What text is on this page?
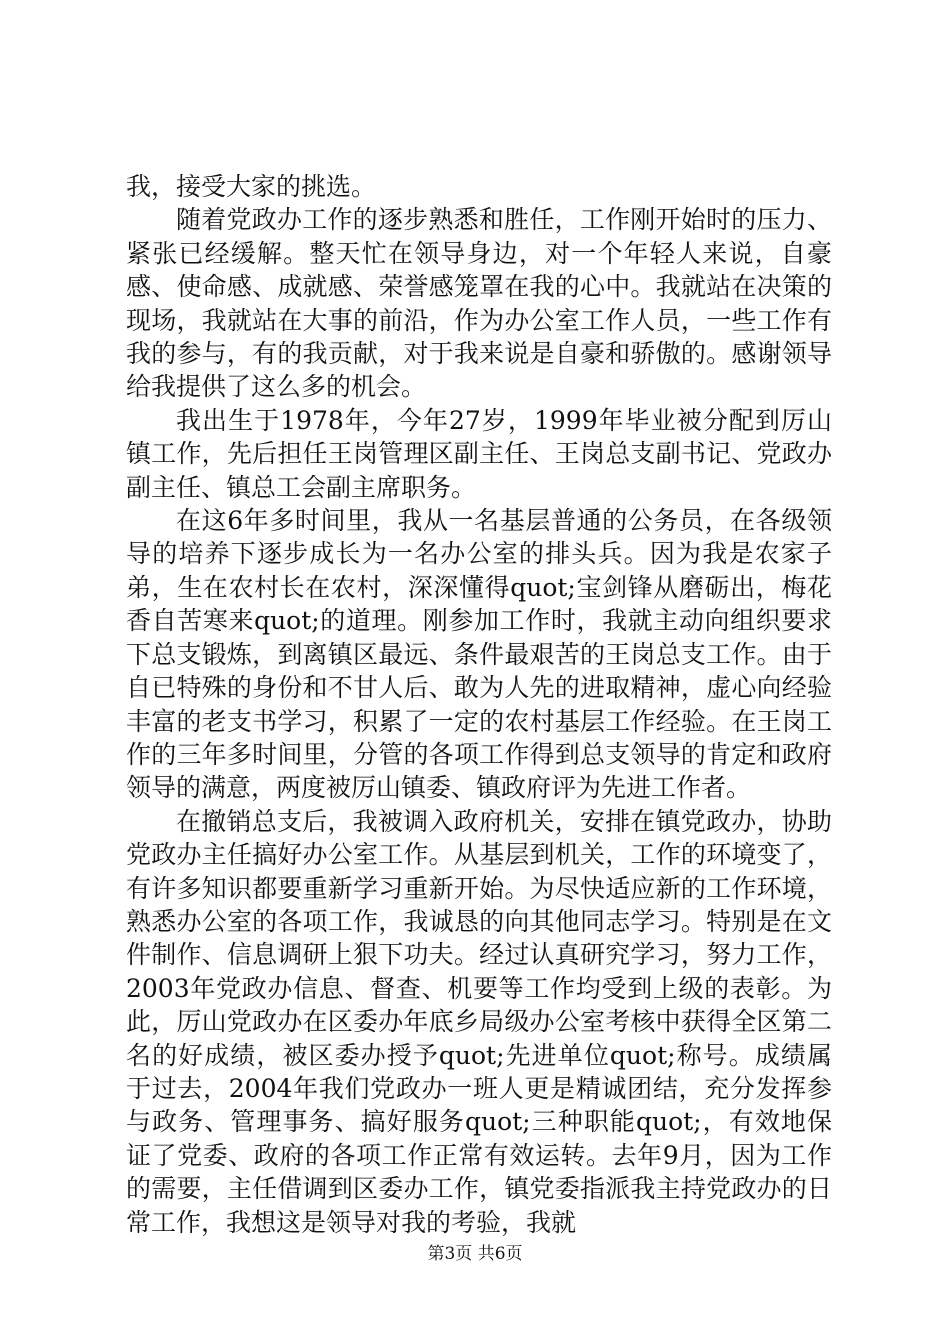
我，接受大家的挑选。

随着党政办工作的逐步熟悉和胜任，工作刚开始时的压力、紧张已经缓解。整天忙在领导身边，对一个年轻人来说，自豪感、使命感、成就感、荣誉感笼罩在我的心中。我就站在决策的现场，我就站在大事的前沿，作为办公室工作人员，一些工作有我的参与，有的我贡献，对于我来说是自豪和骄傲的。感谢领导给我提供了这么多的机会。

我出生于1978年，今年27岁，1999年毕业被分配到厉山镇工作，先后担任王岗管理区副主任、王岗总支副书记、党政办副主任、镇总工会副主席职务。

在这6年多时间里，我从一名基层普通的公务员，在各级领导的培养下逐步成长为一名办公室的排头兵。因为我是农家子弟，生在农村长在农村，深深懂得quot;宝剑锋从磨砺出，梅花香自苦寒来quot;的道理。刚参加工作时，我就主动向组织要求下总支锻炼，到离镇区最远、条件最艰苦的王岗总支工作。由于自已特殊的身份和不甘人后、敢为人先的进取精神，虚心向经验丰富的老支书学习，积累了一定的农村基层工作经验。在王岗工作的三年多时间里，分管的各项工作得到总支领导的肯定和政府领导的满意，两度被厉山镇委、镇政府评为先进工作者。

在撤销总支后，我被调入政府机关，安排在镇党政办，协助党政办主任搞好办公室工作。从基层到机关，工作的环境变了，有许多知识都要重新学习重新开始。为尽快适应新的工作环境，熟悉办公室的各项工作，我诚恳的向其他同志学习。特别是在文件制作、信息调研上狠下功夫。经过认真研究学习，努力工作，2003年党政办信息、督查、机要等工作均受到上级的表彰。为此，厉山党政办在区委办年底乡局级办公室考核中获得全区第二名的好成绩，被区委办授予quot;先进单位quot;称号。成绩属于过去，2004年我们党政办一班人更是精诚团结，充分发挥参与政务、管理事务、搞好服务quot;三种职能quot;，有效地保证了党委、政府的各项工作正常有效运转。去年9月，因为工作的需要，主任借调到区委办工作，镇党委指派我主持党政办的日常工作，我想这是领导对我的考验，我就

第3页 共6页
